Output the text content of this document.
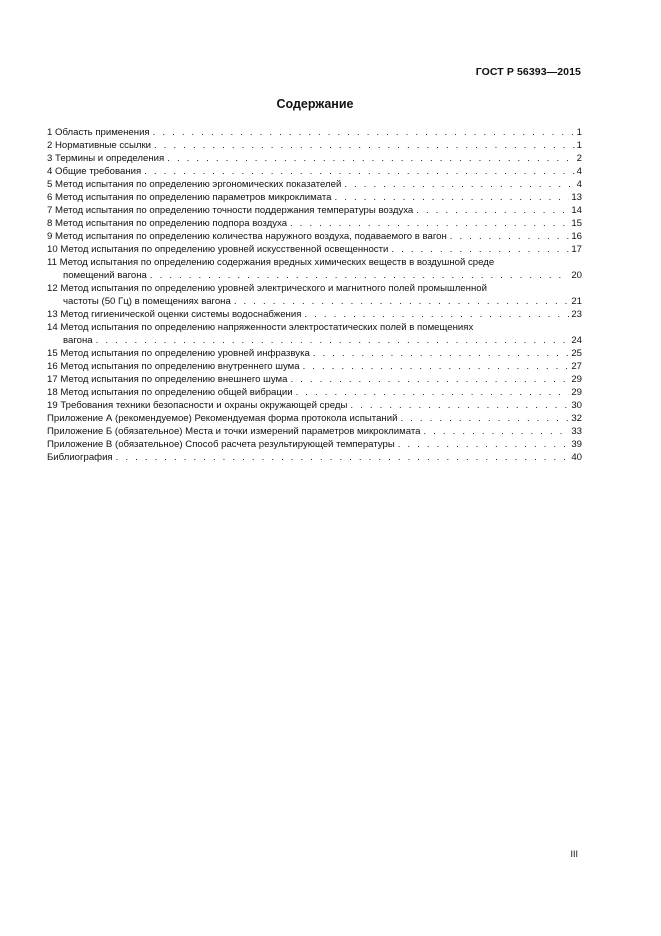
ГОСТ Р 56393—2015
Содержание
1 Область применения . . .	1
2 Нормативные ссылки . . .	1
3 Термины и определения . . .	2
4 Общие требования . . .	4
5 Метод испытания по определению эргономических показателей . . .	4
6 Метод испытания по определению параметров микроклимата . . .	13
7 Метод испытания по определению точности поддержания температуры воздуха . . .	14
8 Метод испытания по определению подпора воздуха . . .	15
9 Метод испытания по определению количества наружного воздуха, подаваемого в вагон . . .	16
10 Метод испытания по определению уровней искусственной освещенности . . .	17
11 Метод испытания по определению содержания вредных химических веществ в воздушной среде
помещений вагона . . .	20
12 Метод испытания по определению уровней электрического и магнитного полей промышленной
частоты (50 Гц) в помещениях вагона . . .	21
13 Метод гигиенической оценки системы водоснабжения . . .	23
14 Метод испытания по определению напряженности электростатических полей в помещениях
вагона . . .	24
15 Метод испытания по определению уровней инфразвука . . .	25
16 Метод испытания по определению внутреннего шума . . .	27
17 Метод испытания по определению внешнего шума . . .	29
18 Метод испытания по определению общей вибрации . . .	29
19 Требования техники безопасности и охраны окружающей среды . . .	30
Приложение А (рекомендуемое) Рекомендуемая форма протокола испытаний . . .	32
Приложение Б (обязательное) Места и точки измерений параметров микроклимата . . .	33
Приложение В (обязательное) Способ расчета результирующей температуры . . .	39
Библиография . . .	40
III
